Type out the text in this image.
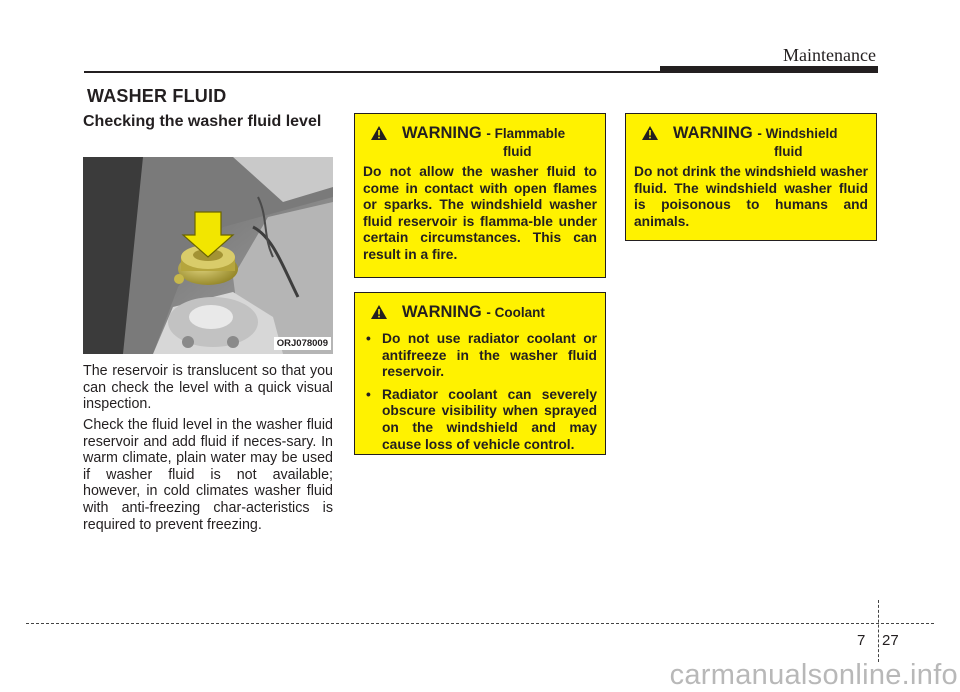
Maintenance
WASHER FLUID
Checking the washer fluid level
ORJ078009

The reservoir is translucent so that you can check the level with a quick visual inspection.

Check the fluid level in the washer fluid reservoir and add fluid if neces-sary. In warm climate, plain water may be used if washer fluid is not available; however, in cold climates washer fluid with anti-freezing char-acteristics is required to prevent freezing.

WARNING - Flammable
fluid

Do not allow the washer fluid to come in contact with open flames or sparks. The windshield washer fluid reservoir is flamma-ble under certain circumstances. This can result in a fire.

WARNING - Coolant
• Do not use radiator coolant or antifreeze in the washer fluid reservoir.
• Radiator coolant can severely obscure visibility when sprayed on the windshield and may cause loss of vehicle control.
WARNING - Windshield
fluid

Do not drink the windshield washer fluid. The windshield washer fluid is poisonous to humans and animals.

7 27
carmanualsonline.info
